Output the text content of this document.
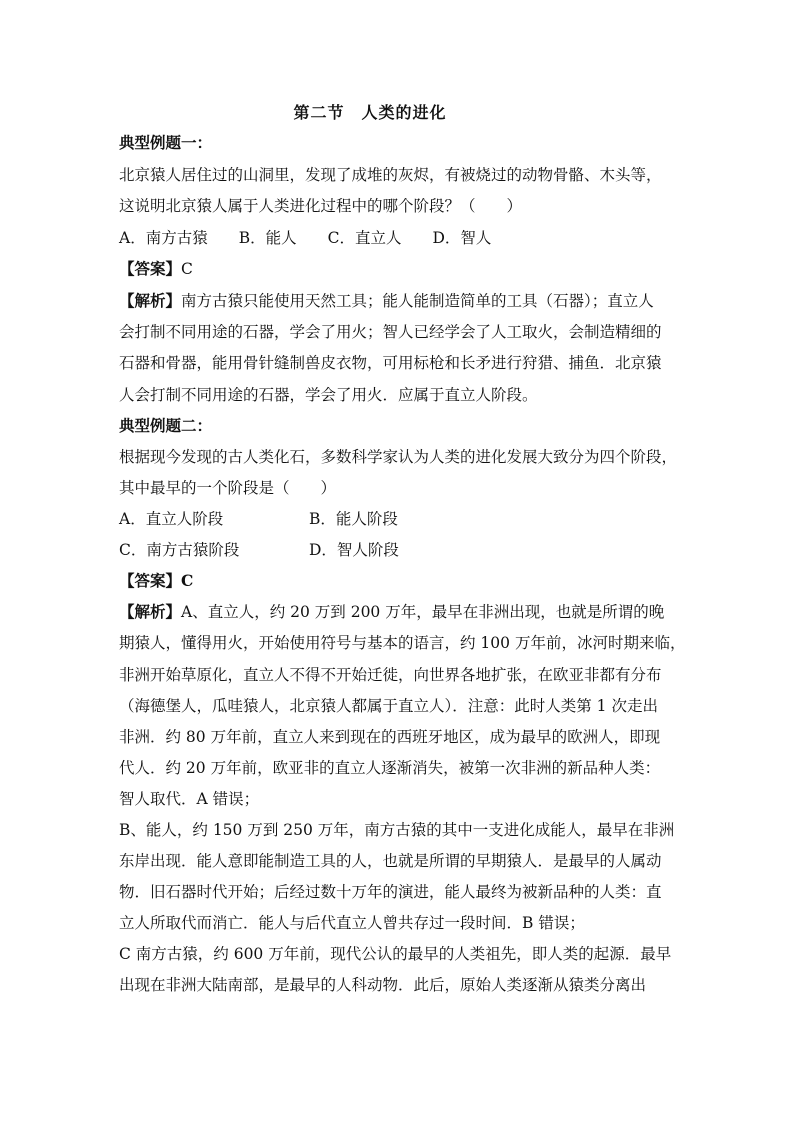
第二节　人类的进化
典型例题一：
北京猿人居住过的山洞里，发现了成堆的灰烬，有被烧过的动物骨骼、木头等，
这说明北京猿人属于人类进化过程中的哪个阶段？（　　）
A．南方古猿　　B．能人　　C．直立人　　D．智人
【答案】C
【解析】南方古猿只能使用天然工具；能人能制造简单的工具（石器）；直立人
会打制不同用途的石器，学会了用火；智人已经学会了人工取火，会制造精细的
石器和骨器，能用骨针缝制兽皮衣物，可用标枪和长矛进行狩猎、捕鱼．北京猿
人会打制不同用途的石器，学会了用火．应属于直立人阶段。
典型例题二：
根据现今发现的古人类化石，多数科学家认为人类的进化发展大致分为四个阶段，
其中最早的一个阶段是（　　）
A．直立人阶段	B．能人阶段
C．南方古猿阶段	D．智人阶段
【答案】C
【解析】A、直立人，约 20 万到 200 万年，最早在非洲出现，也就是所谓的晚
期猿人，懂得用火，开始使用符号与基本的语言，约 100 万年前，冰河时期来临，
非洲开始草原化，直立人不得不开始迁徙，向世界各地扩张，在欧亚非都有分布
（海德堡人，瓜哇猿人，北京猿人都属于直立人）．注意：此时人类第 1 次走出
非洲．约 80 万年前，直立人来到现在的西班牙地区，成为最早的欧洲人，即现
代人．约 20 万年前，欧亚非的直立人逐渐消失，被第一次非洲的新品种人类：
智人取代．A 错误；
B、能人，约 150 万到 250 万年，南方古猿的其中一支进化成能人，最早在非洲
东岸出现．能人意即能制造工具的人，也就是所谓的早期猿人．是最早的人属动
物．旧石器时代开始；后经过数十万年的演进，能人最终为被新品种的人类：直
立人所取代而消亡．能人与后代直立人曾共存过一段时间．B 错误；
C 南方古猿，约 600 万年前，现代公认的最早的人类祖先，即人类的起源．最早
出现在非洲大陆南部，是最早的人科动物．此后，原始人类逐渐从猿类分离出
